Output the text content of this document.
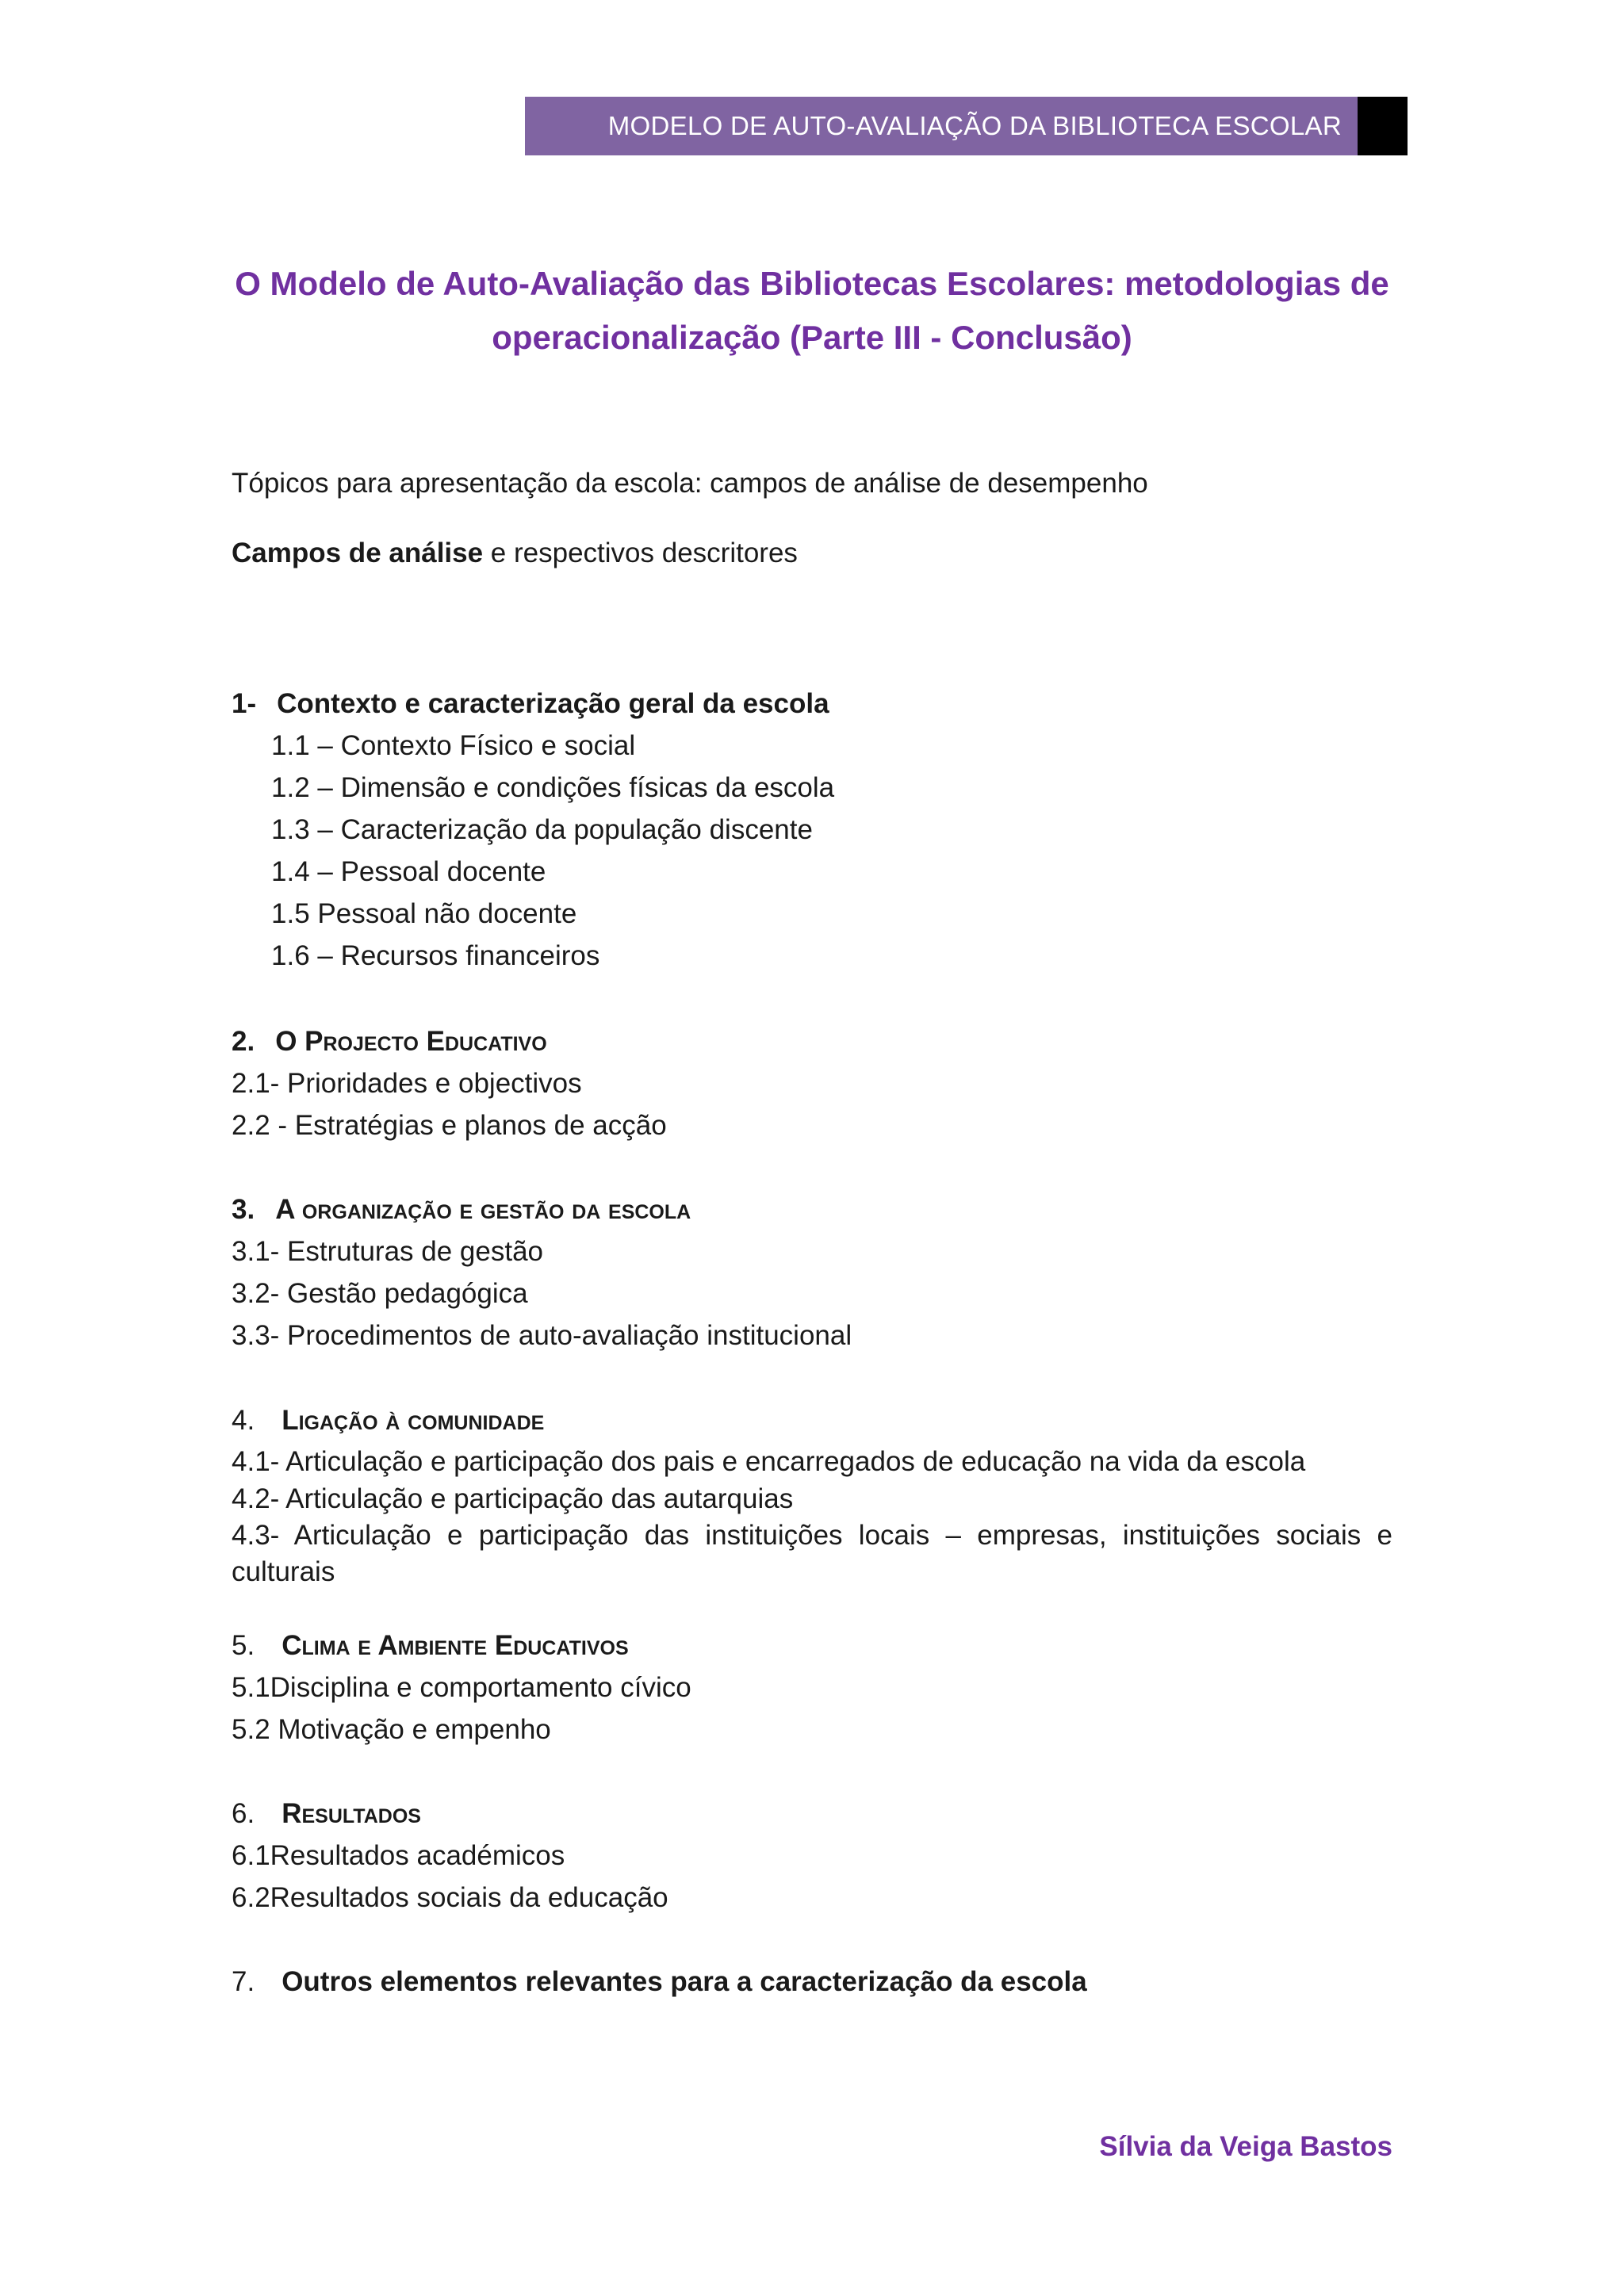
MODELO DE AUTO-AVALIAÇÃO DA BIBLIOTECA ESCOLAR
O Modelo de Auto-Avaliação das Bibliotecas Escolares: metodologias de operacionalização (Parte III - Conclusão)
Tópicos para apresentação da escola: campos de análise de desempenho
Campos de análise e respectivos descritores
1- Contexto e caracterização geral da escola
1.1 – Contexto Físico e social
1.2 – Dimensão e condições físicas da escola
1.3 – Caracterização da população discente
1.4 – Pessoal docente
1.5 Pessoal não docente
1.6 – Recursos financeiros
2. O Projecto Educativo
2.1- Prioridades e objectivos
2.2 - Estratégias e planos de acção
3. A organização e gestão da escola
3.1- Estruturas de gestão
3.2- Gestão pedagógica
3.3- Procedimentos de auto-avaliação institucional
4. Ligação à comunidade
4.1- Articulação e participação dos pais e encarregados de educação na vida da escola
4.2- Articulação e participação das autarquias
4.3- Articulação e participação das instituições locais – empresas, instituições sociais e culturais
5. Clima e Ambiente Educativos
5.1Disciplina e comportamento cívico
5.2 Motivação e empenho
6. Resultados
6.1Resultados académicos
6.2Resultados sociais da educação
7. Outros elementos relevantes para a caracterização da escola
Sílvia da Veiga Bastos
